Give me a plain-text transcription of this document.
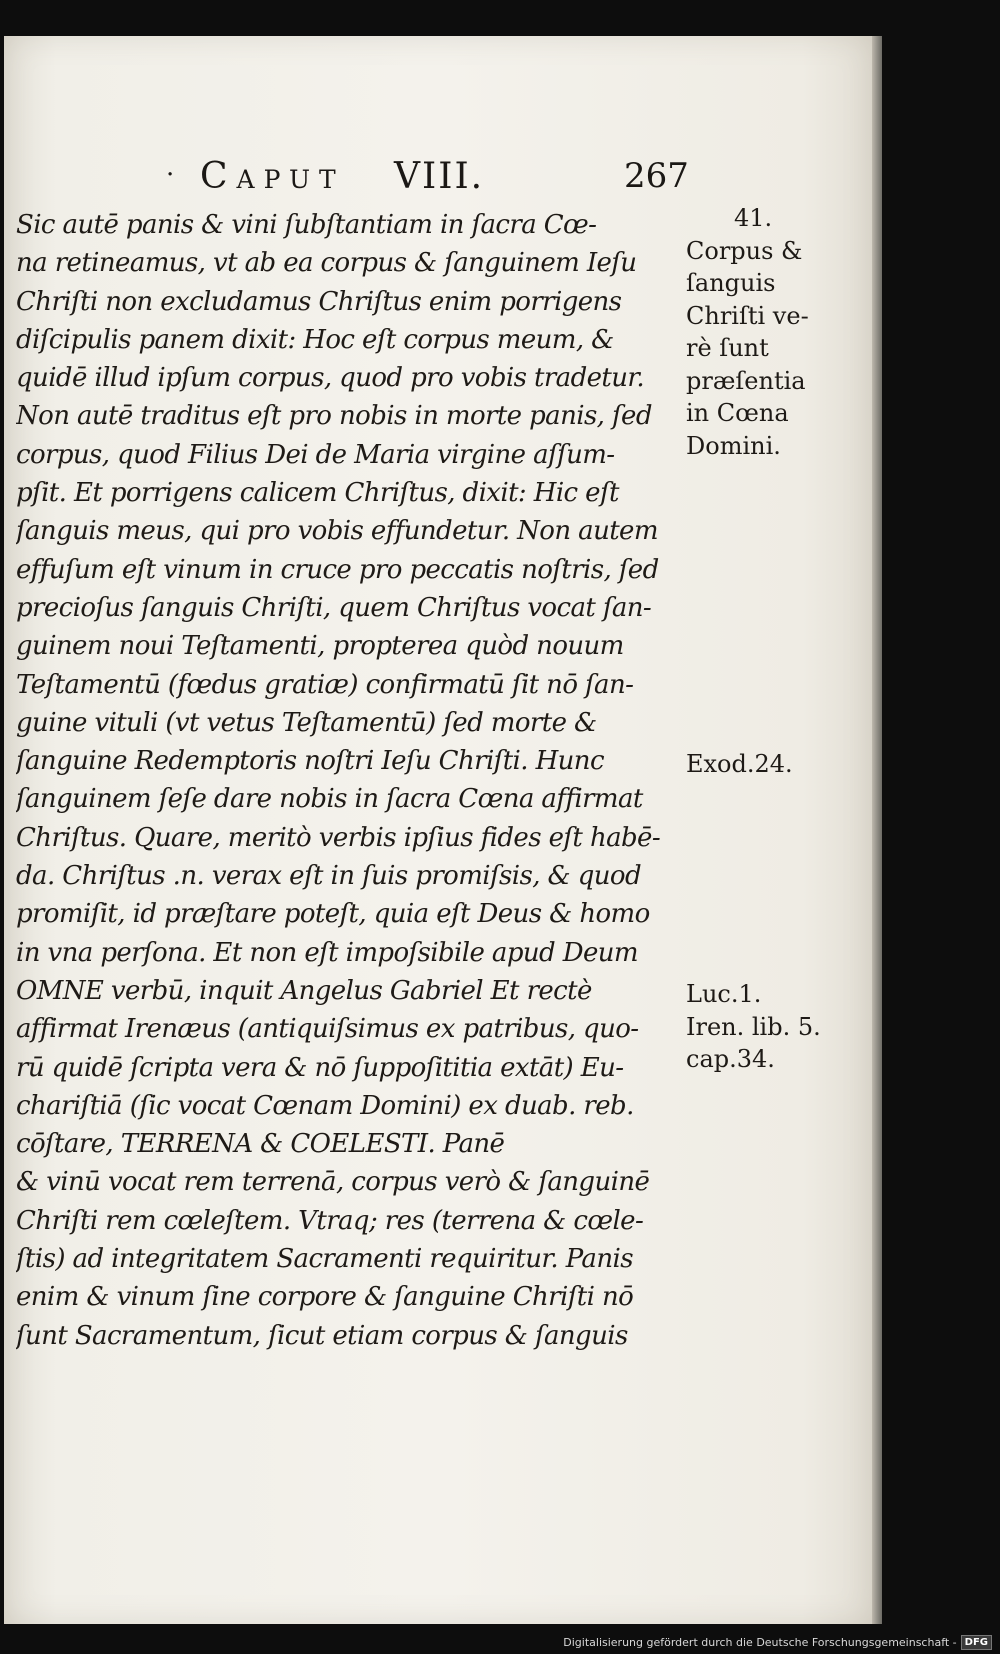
· Caput VIII.	267
Sic autē panis & vini ſubſtantiam in ſacra Cœ-
na retineamus, vt ab ea corpus & ſanguinem Ieſu
Chriſti non excludamus Chriſtus enim porrigens
diſcipulis panem dixit: Hoc eſt corpus meum, &
quidē illud ipſum corpus, quod pro vobis tradetur.
Non autē traditus eſt pro nobis in morte panis, ſed
corpus, quod Filius Dei de Maria virgine aſſum-
pſit. Et porrigens calicem Chriſtus, dixit: Hic eſt
ſanguis meus, qui pro vobis effundetur. Non autem
effuſum eſt vinum in cruce pro peccatis noſtris, ſed
precioſus ſanguis Chriſti, quem Chriſtus vocat ſan-
guinem noui Teſtamenti, propterea quòd nouum
Teſtamentū (fœdus gratiæ) confirmatū ſit nō ſan-
guine vituli (vt vetus Teſtamentū) ſed morte &
ſanguine Redemptoris noſtri Ieſu Chriſti. Hunc
ſanguinem ſeſe dare nobis in ſacra Cœna affirmat
Chriſtus. Quare, meritò verbis ipſius fides eſt habē-
da. Chriſtus .n. verax eſt in ſuis promiſsis, & quod
promiſit, id præſtare poteſt, quia eſt Deus & homo
in vna perſona. Et non eſt impoſsibile apud Deum
OMNE verbū, inquit Angelus Gabriel Et rectè
affirmat Irenæus (antiquiſsimus ex patribus, quo-
rū quidē ſcripta vera & nō ſuppoſititia extāt) Eu-
chariſtiā (ſic vocat Cœnam Domini) ex duab. reb.
cōſtare, TERRENA & COELESTI. Panē
& vinū vocat rem terrenā, corpus verò & ſanguinē
Chriſti rem cœleſtem. Vtraq; res (terrena & cœle-
ſtis) ad integritatem Sacramenti requiritur. Panis
enim & vinum ſine corpore & ſanguine Chriſti nō
ſunt Sacramentum, ſicut etiam corpus & ſanguis
41.
Corpus &
ſanguis
Chriſti ve-
rè ſunt
præſentia
in Cœna
Domini.
Exod.24.
Luc.1.
Iren. lib. 5.
cap.34.
Digitalisierung gefördert durch die Deutsche Forschungsgemeinschaft - DFG
